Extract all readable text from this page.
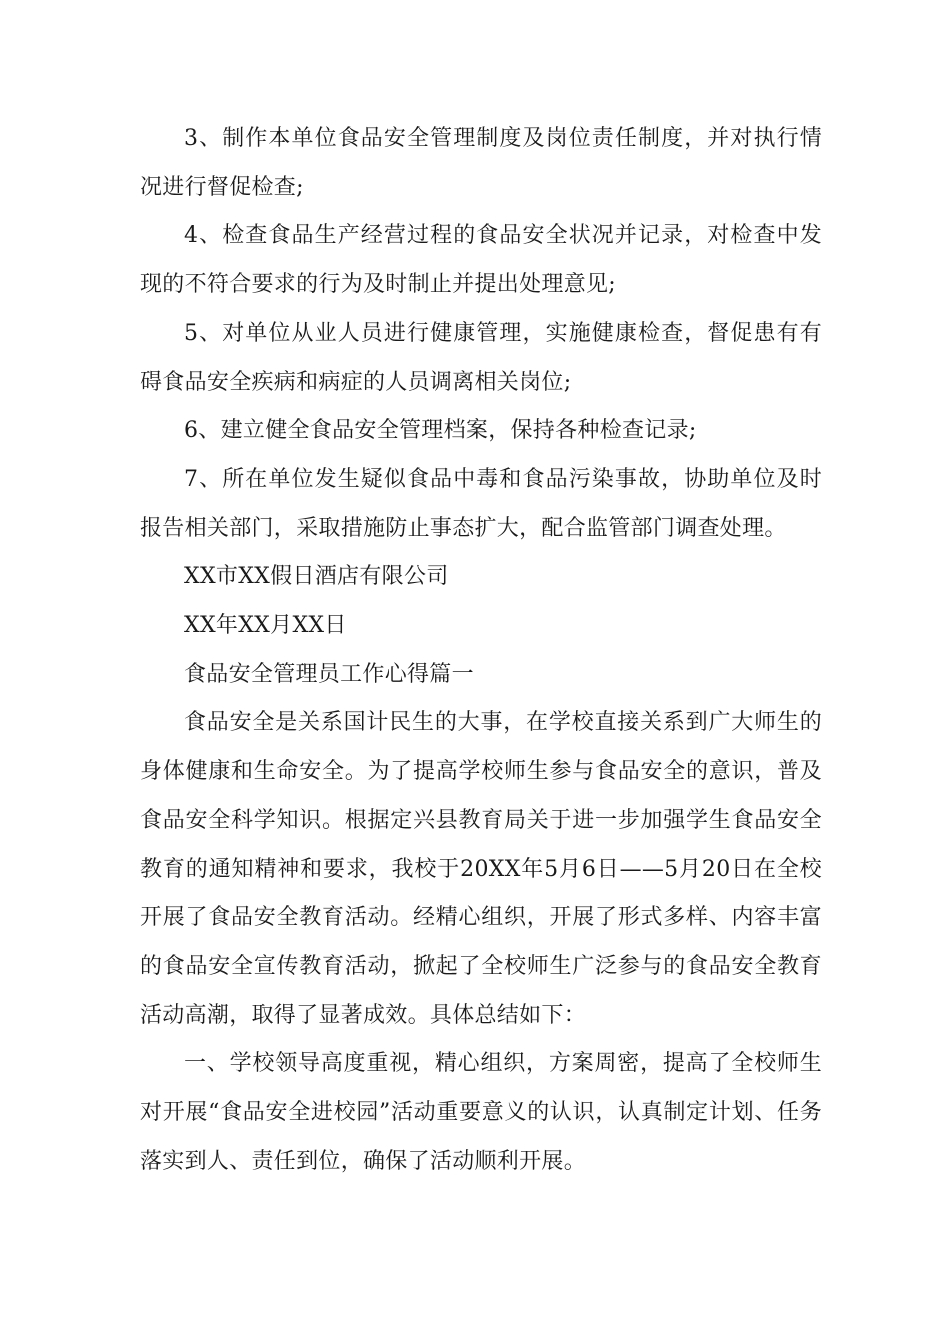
3、制作本单位食品安全管理制度及岗位责任制度，并对执行情况进行督促检查;

4、检查食品生产经营过程的食品安全状况并记录，对检查中发现的不符合要求的行为及时制止并提出处理意见;

5、对单位从业人员进行健康管理，实施健康检查，督促患有有碍食品安全疾病和病症的人员调离相关岗位;

6、建立健全食品安全管理档案，保持各种检查记录;

7、所在单位发生疑似食品中毒和食品污染事故，协助单位及时报告相关部门，采取措施防止事态扩大，配合监管部门调查处理。

XX市XX假日酒店有限公司

XX年XX月XX日

食品安全管理员工作心得篇一

食品安全是关系国计民生的大事，在学校直接关系到广大师生的身体健康和生命安全。为了提高学校师生参与食品安全的意识，普及食品安全科学知识。根据定兴县教育局关于进一步加强学生食品安全教育的通知精神和要求，我校于20XX年5月6日——5月20日在全校开展了食品安全教育活动。经精心组织，开展了形式多样、内容丰富的食品安全宣传教育活动，掀起了全校师生广泛参与的食品安全教育活动高潮，取得了显著成效。具体总结如下：

一、学校领导高度重视，精心组织，方案周密，提高了全校师生对开展“食品安全进校园”活动重要意义的认识，认真制定计划、任务落实到人、责任到位，确保了活动顺利开展。
